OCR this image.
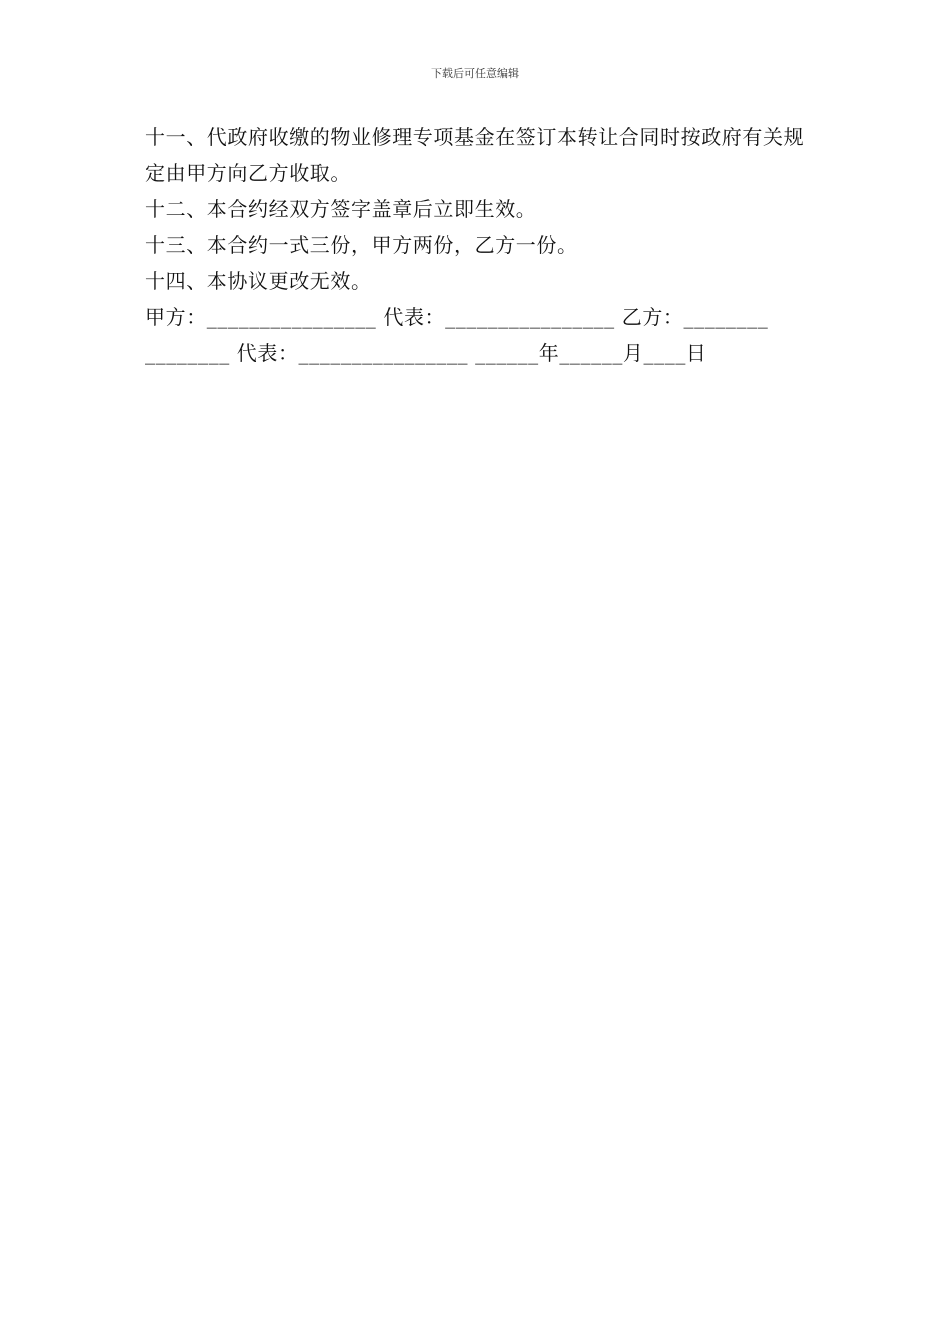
下载后可任意编辑

十一、代政府收缴的物业修理专项基金在签订本转让合同时按政府有关规定由甲方向乙方收取。

十二、本合约经双方签字盖章后立即生效。

十三、本合约一式三份，甲方两份，乙方一份。

十四、本协议更改无效。

甲方：________________ 代表：________________ 乙方：________

________ 代表：________________ ______年______月____日
